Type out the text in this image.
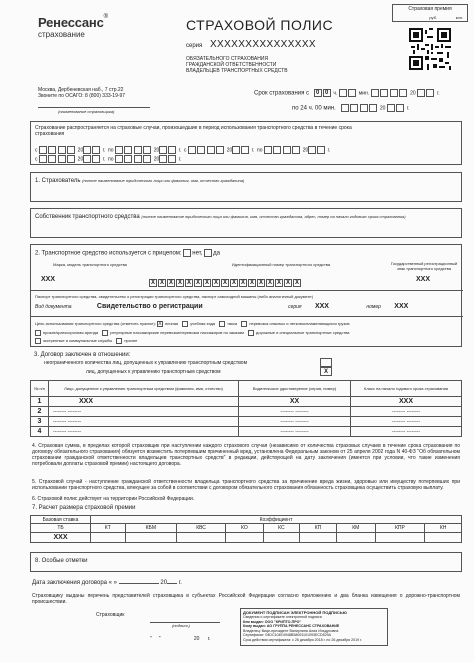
Ренессанс®
страхование
СТРАХОВОЙ ПОЛИС
серия XXXXXXXXXXXXXXX
ОБЯЗАТЕЛЬНОГО СТРАХОВАНИЯ
ГРАЖДАНСКОЙ ОТВЕТСТВЕННОСТИ
ВЛАДЕЛЬЦЕВ ТРАНСПОРТНЫХ СРЕДСТВ
Страховая премия
руб.	коп.
Москва, Дербеневская наб., 7 стр.22
Звоните по ОСАГО: 8 (800) 333-19-97
(наименование страховщика)
Срок страхования с 0 0 ч.	мин.	20	г.
по 24 ч. 00 мин.	20	г.
Страхование распространяется на страховые случаи, произошедшие в период использования транспортного средства в течение срока страхования
с	20	г. по	20	г. с	20	г. по	20	г.
с	20	г. по	20	г.
1. Страхователь (полное наименование юридического лица или фамилия, имя, отчество гражданина)
Собственник транспортного средства (полное наименование юридического лица или фамилия, имя, отчество гражданина, адрес, номер на начало годового срока страхования)
2. Транспортное средство используется с прицепом: нет, да
Марка, модель транспортного средства	Идентификационный номер транспортного средства	Государственный регистрационный знак транспортного средства
XXX	X X X X X X X X X X X X X X X X X	XXX
Паспорт транспортного средства, свидетельство о регистрации транспортного средства, паспорт самоходной машины (либо аналогичный документ)
Вид документа	Свидетельство о регистрации	серия XXX	номер XXX
Цель использования транспортного средства (отметить нужное): X личная	учебная езда	такси	перевозка опасных и легковоспламеняющихся грузов
прокат/краткосрочная аренда	регулярные пассажирские перевозки/перевозки пассажиров по заказам	дорожные и специальные транспортные средства
экстренные и коммунальные службы	прочее
3. Договор заключен в отношении:
неограниченного количества лиц, допущенных к управлению транспортным средством
лиц, допущенных к управлению транспортным средством	X
№ п/п	Лицо, допущенное к управлению транспортным средством (фамилия, имя, отчество)	Водительское удостоверение (серия, номер)	Класс на начало годового срока страхования
1	XXX	XX	XXX
2	-------- --------	-------- --------	-------- --------
3	-------- --------	-------- --------	-------- --------
4	-------- --------	-------- --------	-------- --------
4. Страховая сумма, в пределах которой страховщик при наступлении каждого страхового случая (независимо от количества страховых случаев в течение срока страхования по договору обязательного страхования) обязуется возместить потерпевшим причиненный вред, установлена Федеральным законом от 25 апреля 2002 года N 40-ФЗ "Об обязательном страховании гражданской ответственности владельцев транспортных средств" в редакции, действующей на дату заключения (имеется при условии, что такие изменения потребовали доплаты страховой премии) настоящего договора.
5. Страховой случай - наступление гражданской ответственности владельца транспортного средства за причинение вреда жизни, здоровью или имуществу потерпевших при использовании транспортного средства, влекущее за собой в соответствии с договором обязательного страхования обязанность страховщика осуществить страховую выплату.
6. Страховой полис действует на территории Российской Федерации.
7. Расчет размера страховой премии
Базовая ставка	Коэффициент								
ТБ	КТ	КБМ	КВС	КО	КС	КП	КМ	КПР	КН
XXX									
8. Особые отметки
Дата заключения договора « »	20 г.
Страховщику выданы перечень представителей страховщика в субъектах Российской Федерации согласно приложению и два бланка извещения о дорожно-транспортном происшествии.
Страховщик
(подпись)
"     "                        20      г.
ДОКУМЕНТ ПОДПИСАН ЭЛЕКТРОННОЙ ПОДПИСЬЮ
Сведения о сертификате электронной подписи
Кем выдан: ООО "КРИПТО-ПРО"
Кому выдан: АО ГРУППА РЕНЕССАНС СТРАХОВАНИЕ
Владелец: Вице-президент Валиулина Алия Ильдусовна
Сертификат: 04DC104E4948B58091101093ECD529A
Срок действия сертификата: с 26 декабря 2018 г. по 26 декабря 2019 г.
